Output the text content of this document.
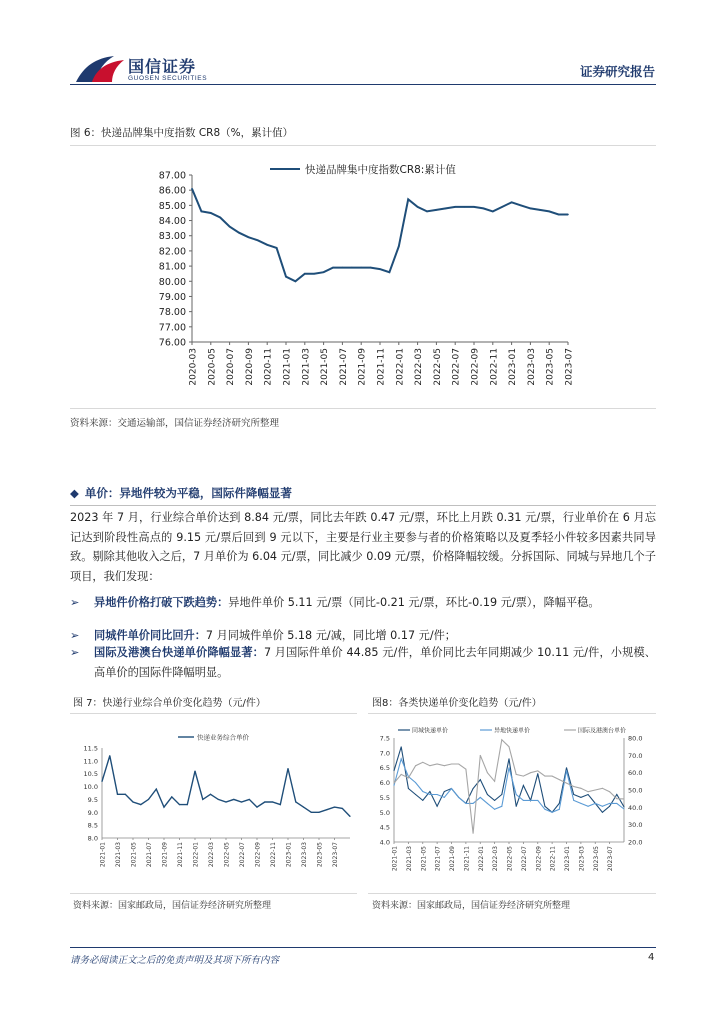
国信证券
GUOSEN SECURITIES	证券研究报告
图 6：快递品牌集中度指数 CR8（%，累计值）
76.00
77.00
78.00
79.00
80.00
81.00
82.00
83.00
84.00
85.00
86.00
87.00
2020-03 2020-05 2020-07 2020-09 2020-11 2021-01 2021-03 2021-05 2021-07 2021-09 2021-11 2022-01 2022-03 2022-05 2022-07 2022-09 2022-11 2023-01 2023-03 2023-05 2023-07
快递品牌集中度指数CR8:累计值
资料来源：交通运输部，国信证券经济研究所整理
◆ 单价：异地件较为平稳，国际件降幅显著
2023 年 7 月，行业综合单价达到 8.84 元/票，同比去年跌 0.47 元/票，环比上月跌 0.31 元/票，行业单价在 6 月忘记达到阶段性高点的 9.15 元/票后回到 9 元以下，主要是行业主要参与者的价格策略以及夏季轻小件较多因素共同导致。剔除其他收入之后，7 月单价为 6.04 元/票，同比减少 0.09 元/票，价格降幅较缓。分拆国际、同城与异地几个子项目，我们发现：
➢ 异地件价格打破下跌趋势：异地件单价 5.11 元/票（同比-0.21 元/票，环比-0.19 元/票），降幅平稳。
➢ 同城件单价同比回升：7 月同城件单价 5.18 元/减，同比增 0.17 元/件；
➢ 国际及港澳台快递单价降幅显著：7 月国际件单价 44.85 元/件，单价同比去年同期减少 10.11 元/件，小规模、高单价的国际件降幅明显。
图 7：快递行业综合单价变化趋势（元/件）
8.0
8.5
9.0
9.5
10.0
10.5
11.0
11.5
2021-01 2021-03 2021-05 2021-07 2021-09 2021-11 2022-01 2022-03 2022-05 2022-07 2022-09 2022-11 2023-01 2023-03 2023-05 2023-07
快递业务综合单价
资料来源：国家邮政局，国信证券经济研究所整理
图8：各类快递单价变化趋势（元/件）
4.0
4.5
5.0
5.5
6.0
6.5
7.0
7.5
20.0
30.0
40.0
50.0
60.0
70.0
80.0
2021-01 2021-03 2021-05 2021-07 2021-09 2021-11 2022-01 2022-03 2022-05 2022-07 2022-09 2022-11 2023-01 2023-03 2023-05 2023-07
同城快递单价	异地快递单价	国际及港澳台单价
资料来源：国家邮政局，国信证券经济研究所整理
请务必阅读正文之后的免责声明及其项下所有内容	4
